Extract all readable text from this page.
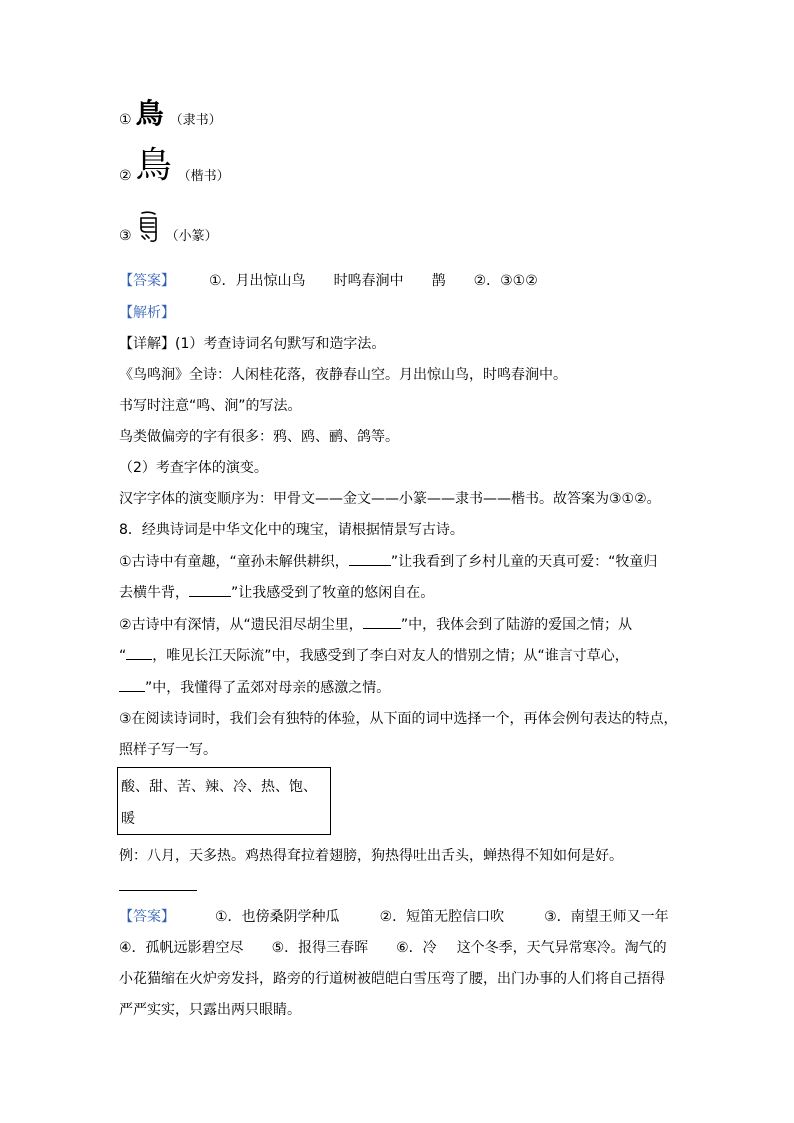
① 鳥 （隶书）
② 鳥 （楷书）
③	（小篆）
【答案】 ①．月出惊山鸟 时鸣春涧中 鹊 ②．③①②
【解析】
【详解】(1）考查诗词名句默写和造字法。
《鸟鸣涧》全诗：人闲桂花落，夜静春山空。月出惊山鸟，时鸣春涧中。
书写时注意“鸣、涧”的写法。
鸟类做偏旁的字有很多：鸦、鸥、鹂、鸽等。
（2）考查字体的演变。
汉字字体的演变顺序为：甲骨文——金文——小篆——隶书——楷书。故答案为③①②。
8．经典诗词是中华文化中的瑰宝，请根据情景写古诗。
①古诗中有童趣，“童孙未解供耕织，	”让我看到了乡村儿童的天真可爱：“牧童归
去横牛背，	”让我感受到了牧童的悠闲自在。
②古诗中有深情，从“遗民泪尽胡尘里，	”中，我体会到了陆游的爱国之情；从
“ ，唯见长江天际流”中，我感受到了李白对友人的惜别之情；从“谁言寸草心，
”中，我懂得了孟郊对母亲的感激之情。
③在阅读诗词时，我们会有独特的体验，从下面的词中选择一个，再体会例句表达的特点，
照样子写一写。
酸、甜、苦、辣、冷、热、饱、
暖
例：八月，天多热。鸡热得耷拉着翅膀，狗热得吐出舌头，蝉热得不知如何是好。
【答案】	①．也傍桑阴学种瓜	②．短笛无腔信口吹	③．南望王师又一年
④．孤帆远影碧空尽 ⑤．报得三春晖 ⑥．冷 这个冬季，天气异常寒冷。淘气的
小花猫缩在火炉旁发抖，路旁的行道树被皑皑白雪压弯了腰，出门办事的人们将自己捂得
严严实实，只露出两只眼睛。
